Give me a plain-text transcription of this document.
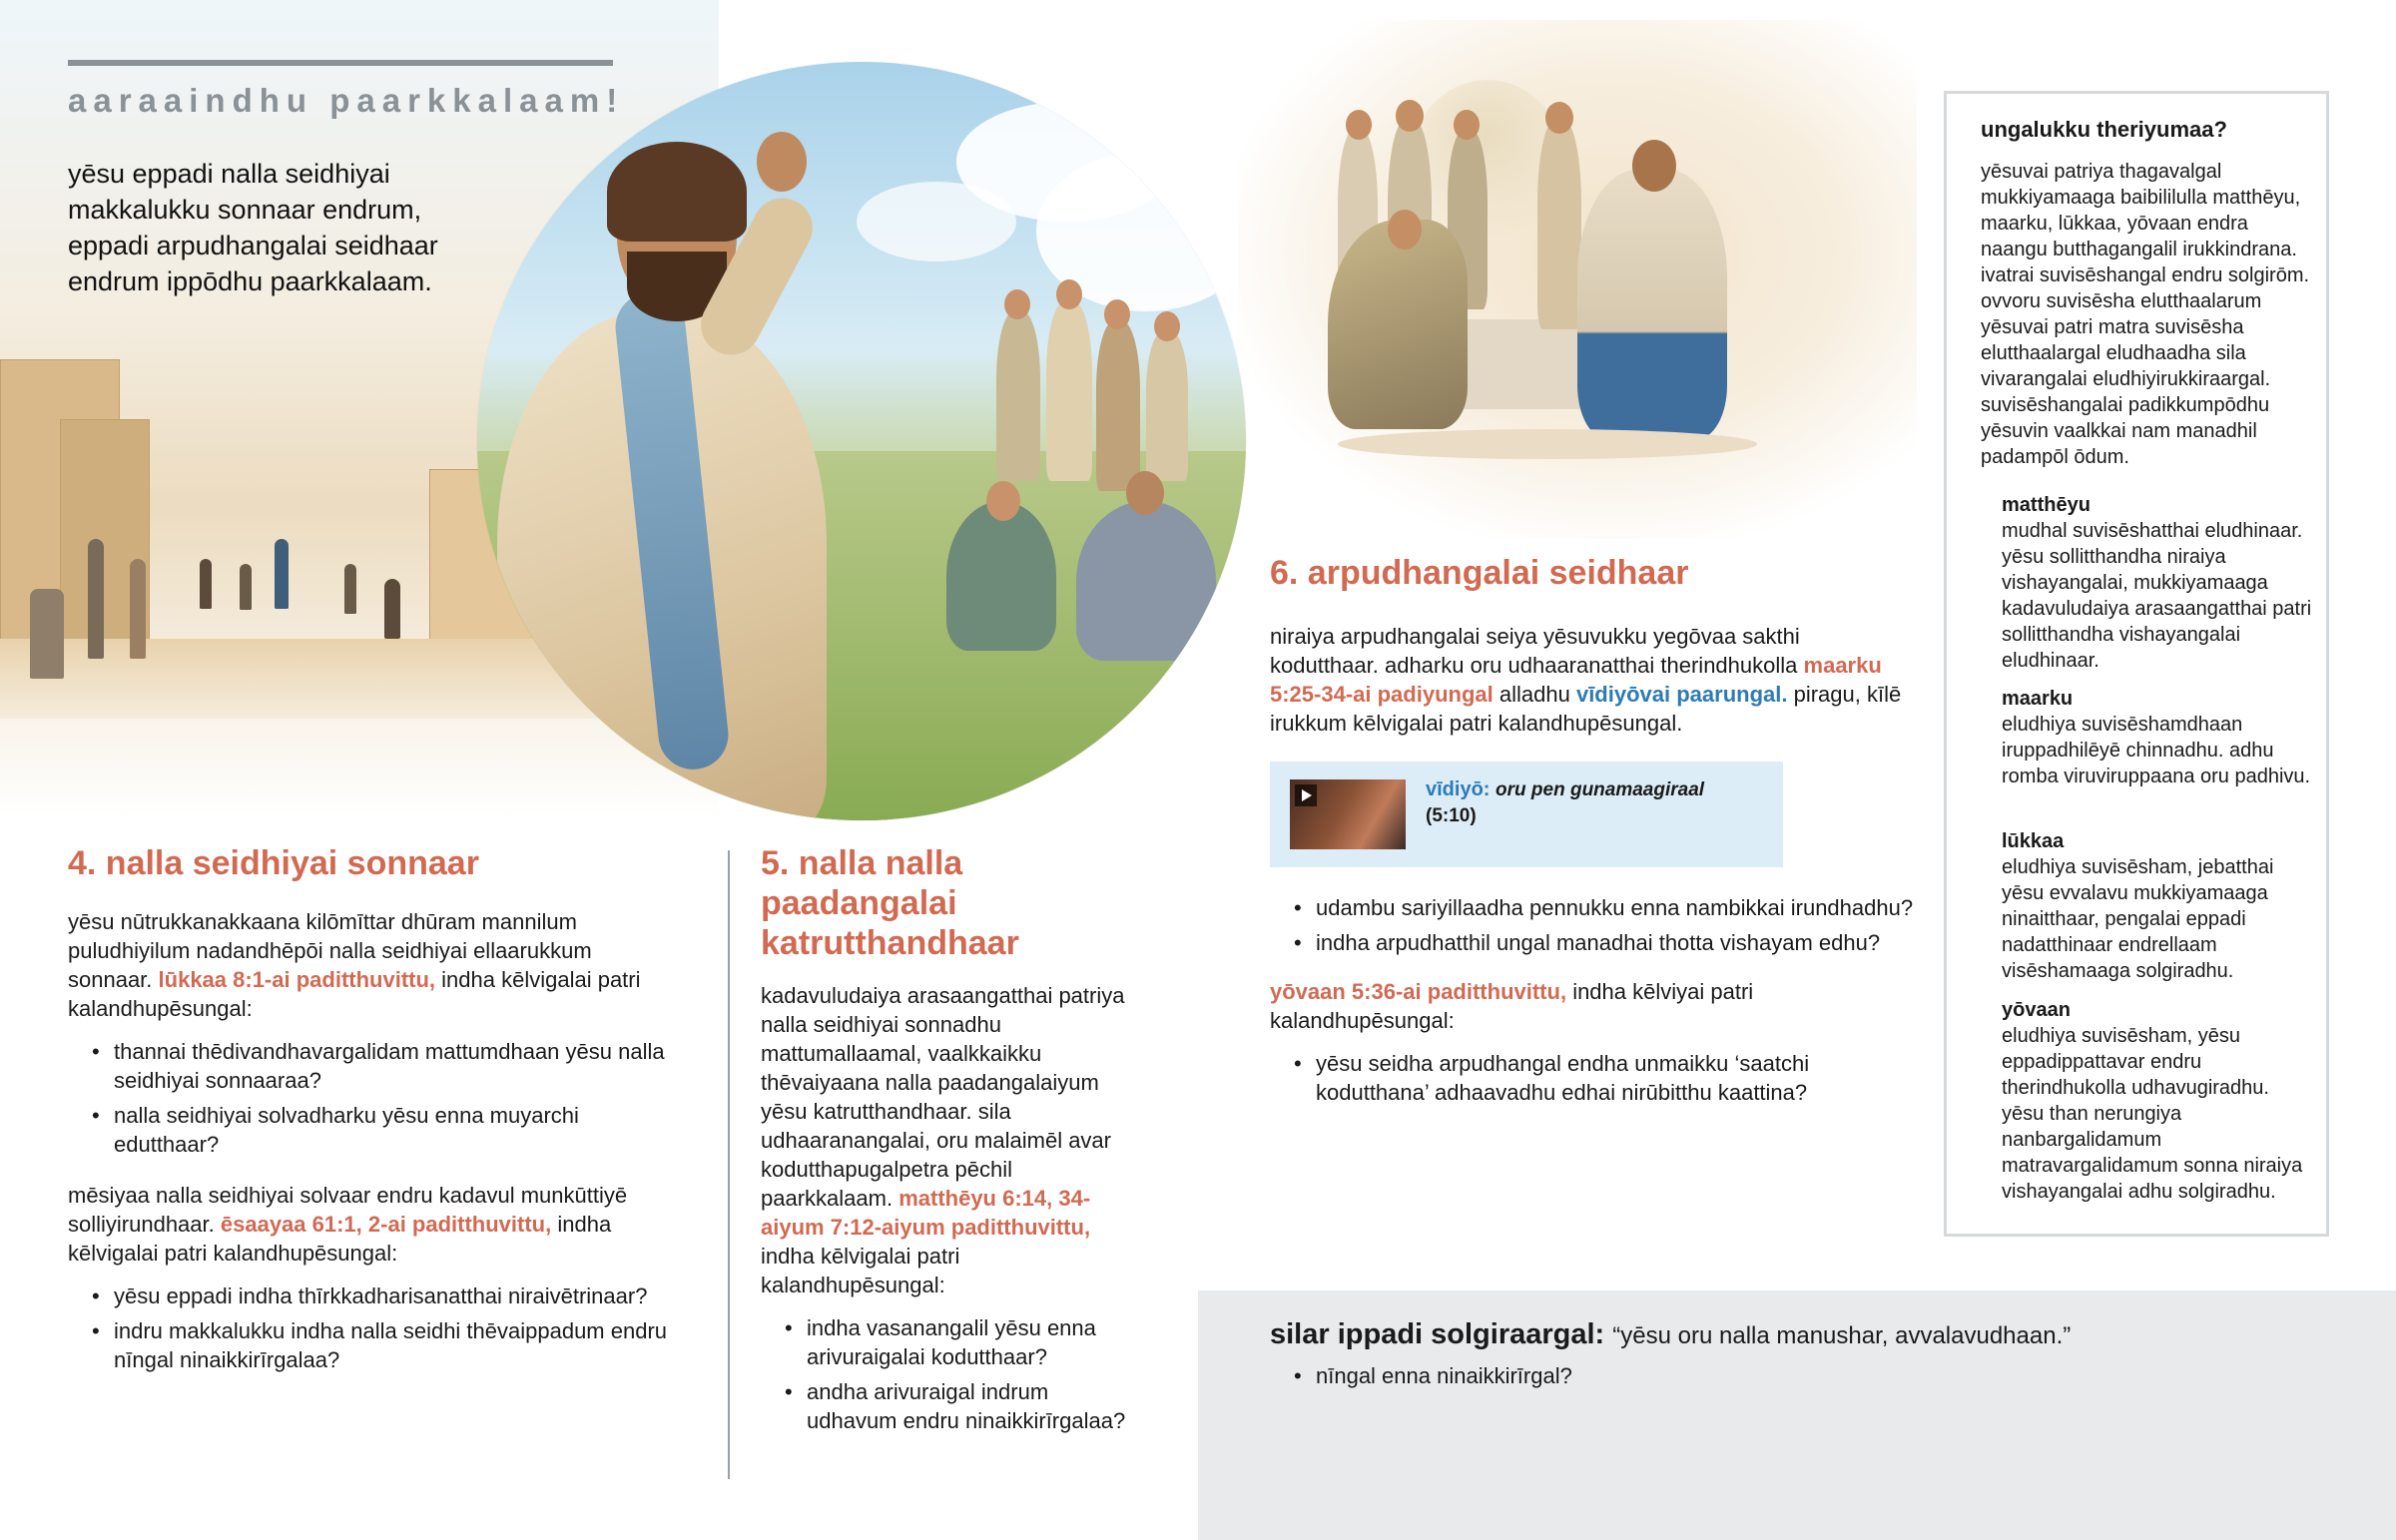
aaraaindhu paarkkalaam!
yēsu eppadi nalla seidhiyai makkalukku sonnaar endrum, eppadi arpudhangalai seidhaar endrum ippōdhu paarkkalaam.
4. nalla seidhiyai sonnaar

yēsu nūtrukkanakkaana kilōmīttar dhūram mannilum puludhiyilum nadandhēpōi nalla seidhiyai ellaarukkum sonnaar. lūkkaa 8:1-ai paditthuvittu, indha kēlvigalai patri kalandhupēsungal:

• thannai thēdivandhavargalidam mattumdhaan yēsu nalla seidhiyai sonnaaraa?
• nalla seidhiyai solvadharku yēsu enna muyarchi edutthaar?

mēsiyaa nalla seidhiyai solvaar endru kadavul munkūttiyē solliyirundhaar. ēsaayaa 61:1, 2-ai paditthuvittu, indha kēlvigalai patri kalandhupēsungal:

• yēsu eppadi indha thīrkkadharisanatthai niraivētrinaar?
• indru makkalukku indha nalla seidhi thēvaippadum endru nīngal ninaikkirīrgalaa?
5. nalla nalla paadangalai katrutthandhaar

kadavuludaiya arasaangatthai patriya nalla seidhiyai sonnadhu mattumallaamal, vaalkkaikku thēvaiyaana nalla paadangalaiyum yēsu katrutthandhaar. sila udhaaranangalai, oru malaimēl avar kodutthapugalpetra pēchil paarkkalaam. matthēyu 6:14, 34-aiyum 7:12-aiyum paditthuvittu, indha kēlvigalai patri kalandhupēsungal:

• indha vasanangalil yēsu enna arivuraigalai kodutthaar?
• andha arivuraigal indrum udhavum endru ninaikkirīrgalaa?
6. arpudhangalai seidhaar

niraiya arpudhangalai seiya yēsuvukku yegōvaa sakthi kodutthaar. adharku oru udhaaranatthai therindhukolla maarku 5:25-34-ai padiyungal alladhu vīdiyōvai paarungal. piragu, kīlē irukkum kēlvigalai patri kalandhupēsungal.

vīdiyō: oru pen gunamaagiraal
(5:10)
• udambu sariyillaadha pennukku enna nambikkai irundhadhu?
• indha arpudhatthil ungal manadhai thotta vishayam edhu?

yōvaan 5:36-ai paditthuvittu, indha kēlviyai patri kalandhupēsungal:

• yēsu seidha arpudhangal endha unmaikku ‘saatchi kodutthana’ adhaavadhu edhai nirūbitthu kaattina?
ungalukku theriyumaa?
yēsuvai patriya thagavalgal mukkiyamaaga baibililulla matthēyu, maarku, lūkkaa, yōvaan endra naangu butthagangalil irukkindrana. ivatrai suvisēshangal endru solgirōm. ovvoru suvisēsha elutthaalarum yēsuvai patri matra suvisēsha elutthaalargal eludhaadha sila vivarangalai eludhiyirukkiraargal. suvisēshangalai padikkumpōdhu yēsuvin vaalkkai nam manadhil padampōl ōdum.
matthēyu
mudhal suvisēshatthai eludhinaar. yēsu sollitthandha niraiya vishayangalai, mukkiyamaaga kadavuludaiya arasaangatthai patri sollitthandha vishayangalai eludhinaar.
maarku
eludhiya suvisēshamdhaan iruppadhilēyē chinnadhu. adhu romba viruviruppaana oru padhivu.
lūkkaa
eludhiya suvisēsham, jebatthai yēsu evvalavu mukkiyamaaga ninaitthaar, pengalai eppadi nadatthinaar endrellaam visēshamaaga solgiradhu.
yōvaan
eludhiya suvisēsham, yēsu eppadippattavar endru therindhukolla udhavugiradhu. yēsu than nerungiya nanbargalidamum matravargalidamum sonna niraiya vishayangalai adhu solgiradhu.
silar ippadi solgiraargal: “yēsu oru nalla manushar, avvalavudhaan.”
• nīngal enna ninaikkirīrgal?
